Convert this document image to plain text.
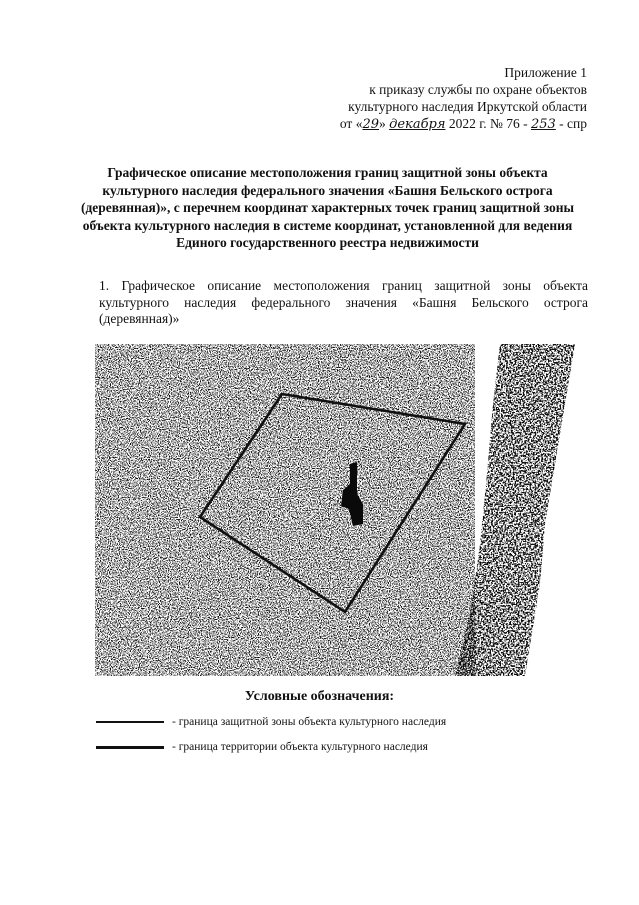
Приложение 1
к приказу службы по охране объектов
культурного наследия Иркутской области
от «29» декабря 2022 г. № 76 - 253 - спр
Графическое описание местоположения границ защитной зоны объекта культурного наследия федерального значения «Башня Бельского острога (деревянная)», с перечнем координат характерных точек границ защитной зоны объекта культурного наследия в системе координат, установленной для ведения Единого государственного реестра недвижимости
1. Графическое описание местоположения границ защитной зоны объекта культурного наследия федерального значения «Башня Бельского острога (деревянная)»
Условные обозначения:
- граница защитной зоны объекта культурного наследия
- граница территории объекта культурного наследия
